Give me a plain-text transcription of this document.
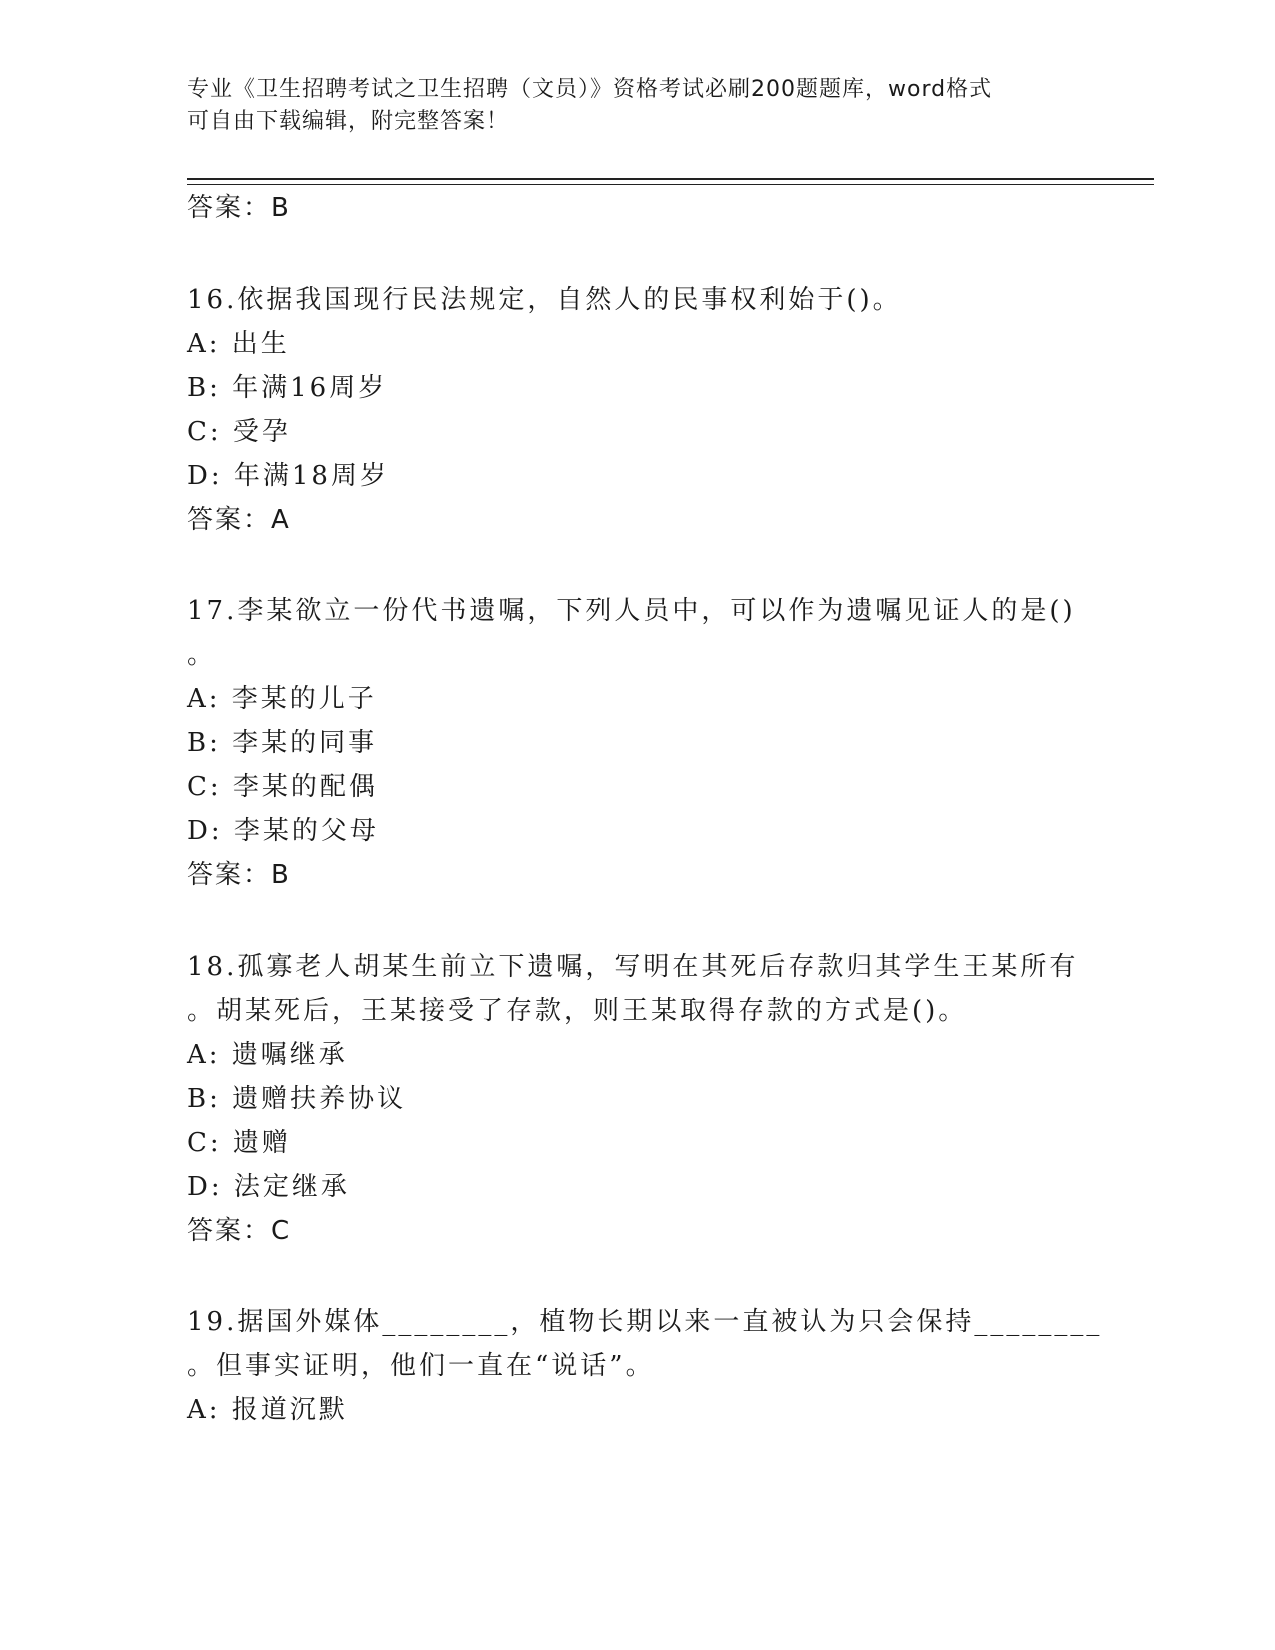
专业《卫生招聘考试之卫生招聘（文员）》资格考试必刷200题题库，word格式
可自由下载编辑，附完整答案！
答案：B
16.依据我国现行民法规定，自然人的民事权利始于()。
A: 出生
B: 年满16周岁
C: 受孕
D: 年满18周岁
答案：A
17.李某欲立一份代书遗嘱，下列人员中，可以作为遗嘱见证人的是()
。
A: 李某的儿子
B: 李某的同事
C: 李某的配偶
D: 李某的父母
答案：B
18.孤寡老人胡某生前立下遗嘱，写明在其死后存款归其学生王某所有
。胡某死后，王某接受了存款，则王某取得存款的方式是()。
A: 遗嘱继承
B: 遗赠扶养协议
C: 遗赠
D: 法定继承
答案：C
19.据国外媒体________，植物长期以来一直被认为只会保持________
。但事实证明，他们一直在“说话”。
A: 报道沉默
